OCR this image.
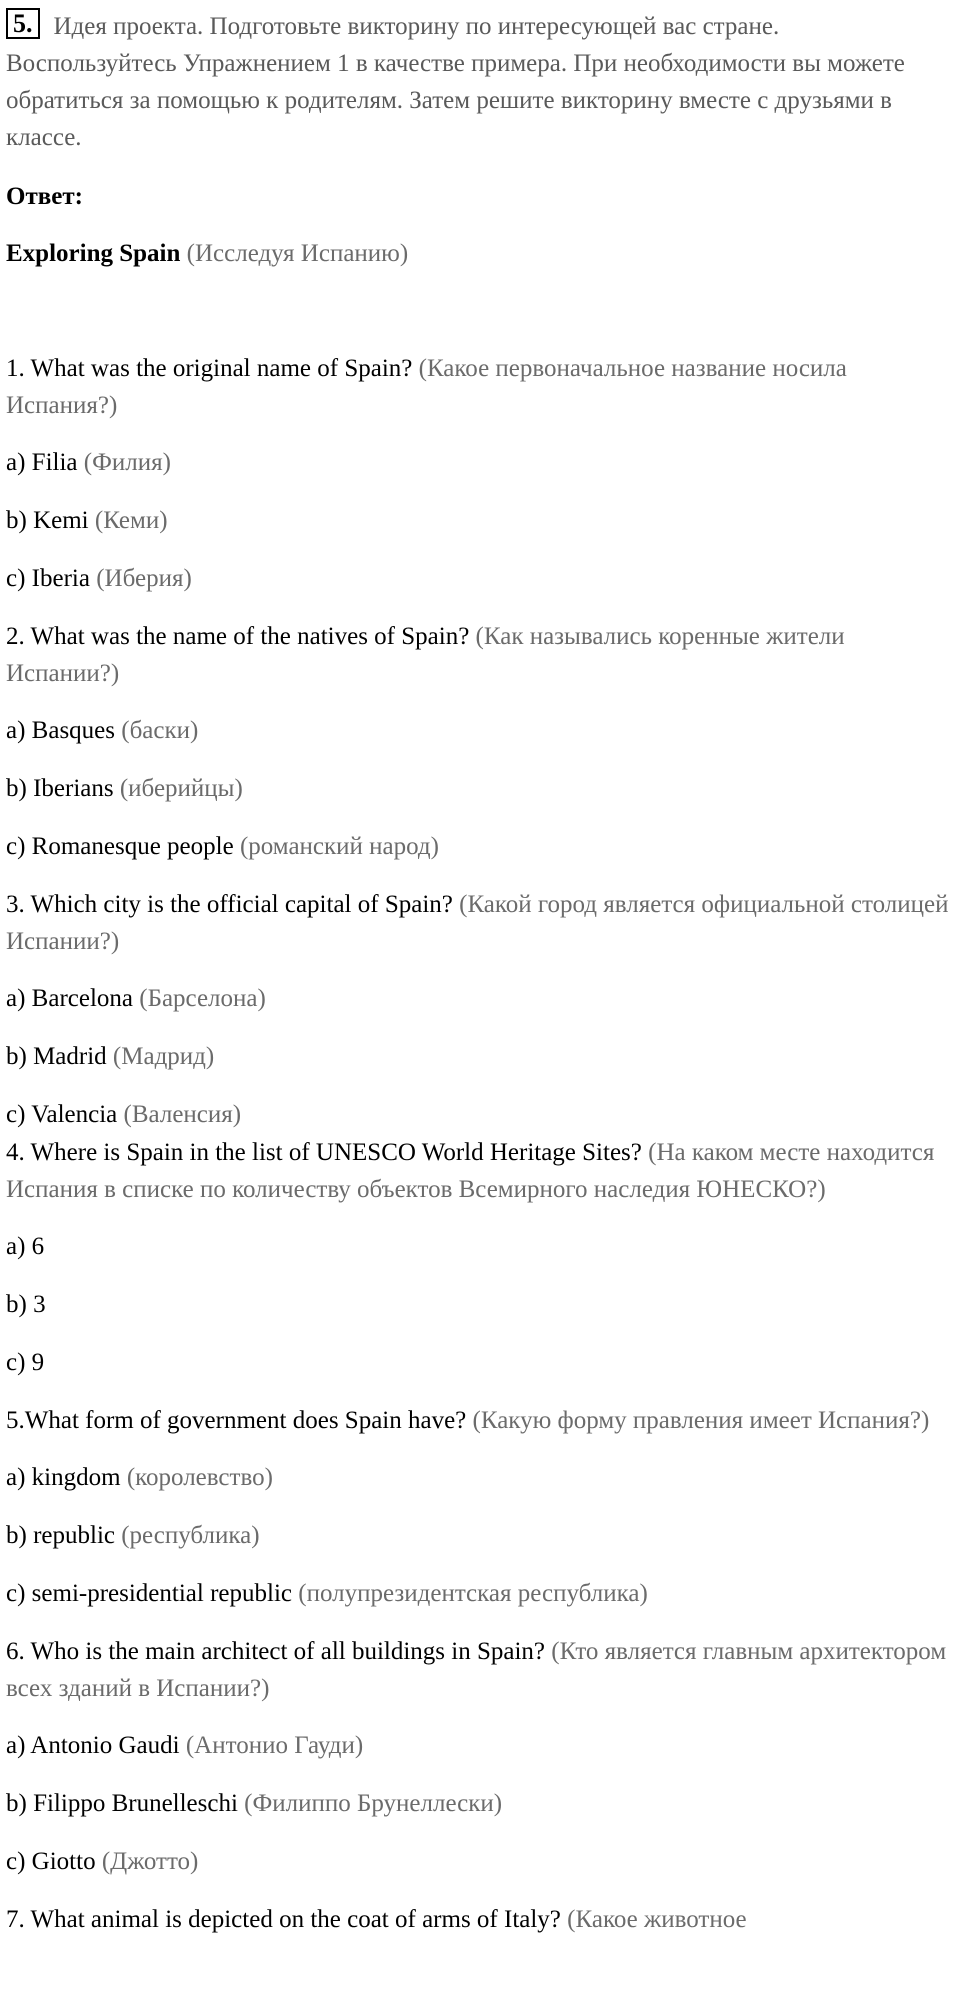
5. Идея проекта. Подготовьте викторину по интересующей вас стране. Воспользуйтесь Упражнением 1 в качестве примера. При необходимости вы можете обратиться за помощью к родителям. Затем решите викторину вместе с друзьями в классе.

Ответ:

Exploring Spain (Исследуя Испанию)

1. What was the original name of Spain? (Какое первоначальное название носила Испания?)

a) Filia (Филия)

b) Kemi (Кеми)

c) Iberia (Иберия)

2. What was the name of the natives of Spain? (Как назывались коренные жители Испании?)

a) Basques (баски)

b) Iberians (иберийцы)

c) Romanesque people (романский народ)

3. Which city is the official capital of Spain? (Какой город является официальной столицей Испании?)

a) Barcelona (Барселона)

b) Madrid (Мадрид)

c) Valencia (Валенсия)

4. Where is Spain in the list of UNESCO World Heritage Sites? (На каком месте находится Испания в списке по количеству объектов Всемирного наследия ЮНЕСКО?)

a) 6

b) 3

c) 9

5.What form of government does Spain have? (Какую форму правления имеет Испания?)

a) kingdom (королевство)

b) republic (республика)

c) semi-presidential republic (полупрезидентская республика)

6. Who is the main architect of all buildings in Spain? (Кто является главным архитектором всех зданий в Испании?)

a) Antonio Gaudi (Антонио Гауди)

b) Filippo Brunelleschi (Филиппо Брунеллески)

c) Giotto (Джотто)

7. What animal is depicted on the coat of arms of Italy? (Какое животное
